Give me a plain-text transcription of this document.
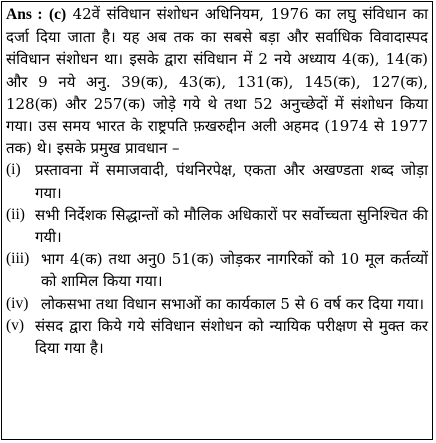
Ans : (c) 42वें संविधान संशोधन अधिनियम, 1976 का लघु संविधान का दर्जा दिया जाता है। यह अब तक का सबसे बड़ा और सर्वाधिक विवादास्पद संविधान संशोधन था। इसके द्वारा संविधान में 2 नये अध्याय 4(क), 14(क) और 9 नये अनु. 39(क), 43(क), 131(क), 145(क), 127(क), 128(क) और 257(क) जोड़े गये थे तथा 52 अनुच्छेदों में संशोधन किया गया। उस समय भारत के राष्ट्रपति फ़खरुद्दीन अली अहमद (1974 से 1977 तक) थे। इसके प्रमुख प्रावधान –

(i) प्रस्तावना में समाजवादी, पंथनिरपेक्ष, एकता और अखण्डता शब्द जोड़ा गया।
(ii) सभी निर्देशक सिद्धान्तों को मौलिक अधिकारों पर सर्वोच्चता सुनिश्चित की गयी।
(iii) भाग 4(क) तथा अनु0 51(क) जोड़कर नागरिकों को 10 मूल कर्तव्यों को शामिल किया गया।
(iv) लोकसभा तथा विधान सभाओं का कार्यकाल 5 से 6 वर्ष कर दिया गया।
(v) संसद द्वारा किये गये संविधान संशोधन को न्यायिक परीक्षण से मुक्त कर दिया गया है।
